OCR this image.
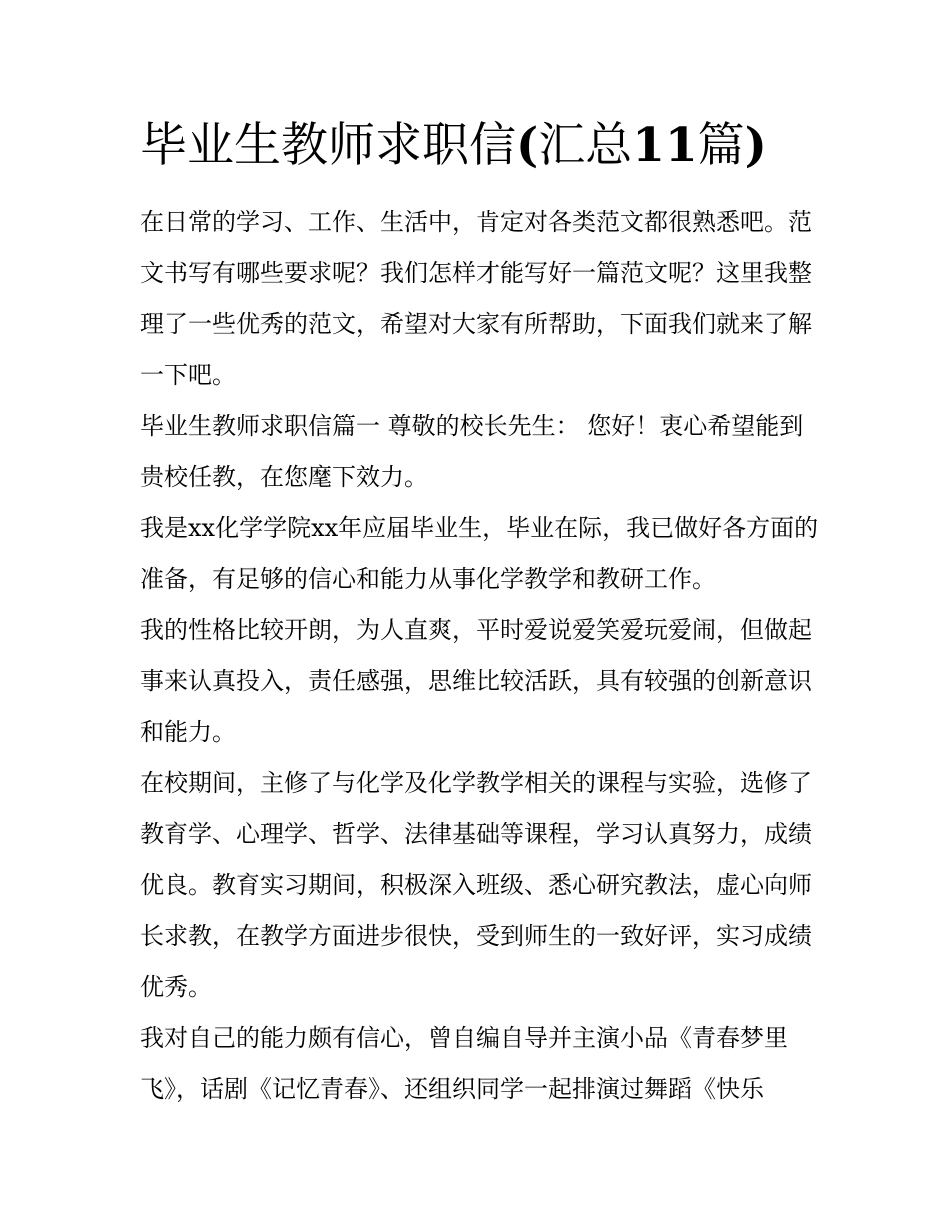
毕业生教师求职信(汇总11篇)

在日常的学习、工作、生活中，肯定对各类范文都很熟悉吧。范文书写有哪些要求呢？我们怎样才能写好一篇范文呢？这里我整理了一些优秀的范文，希望对大家有所帮助，下面我们就来了解一下吧。

毕业生教师求职信篇一 尊敬的校长先生： 您好！衷心希望能到贵校任教，在您麾下效力。

我是xx化学学院xx年应届毕业生，毕业在际，我已做好各方面的准备，有足够的信心和能力从事化学教学和教研工作。

我的性格比较开朗，为人直爽，平时爱说爱笑爱玩爱闹，但做起事来认真投入，责任感强，思维比较活跃，具有较强的创新意识和能力。

在校期间，主修了与化学及化学教学相关的课程与实验，选修了教育学、心理学、哲学、法律基础等课程，学习认真努力，成绩优良。教育实习期间，积极深入班级、悉心研究教法，虚心向师长求教，在教学方面进步很快，受到师生的一致好评，实习成绩优秀。

我对自己的能力颇有信心，曾自编自导并主演小品《青春梦里飞》，话剧《记忆青春》、还组织同学一起排演过舞蹈《快乐
